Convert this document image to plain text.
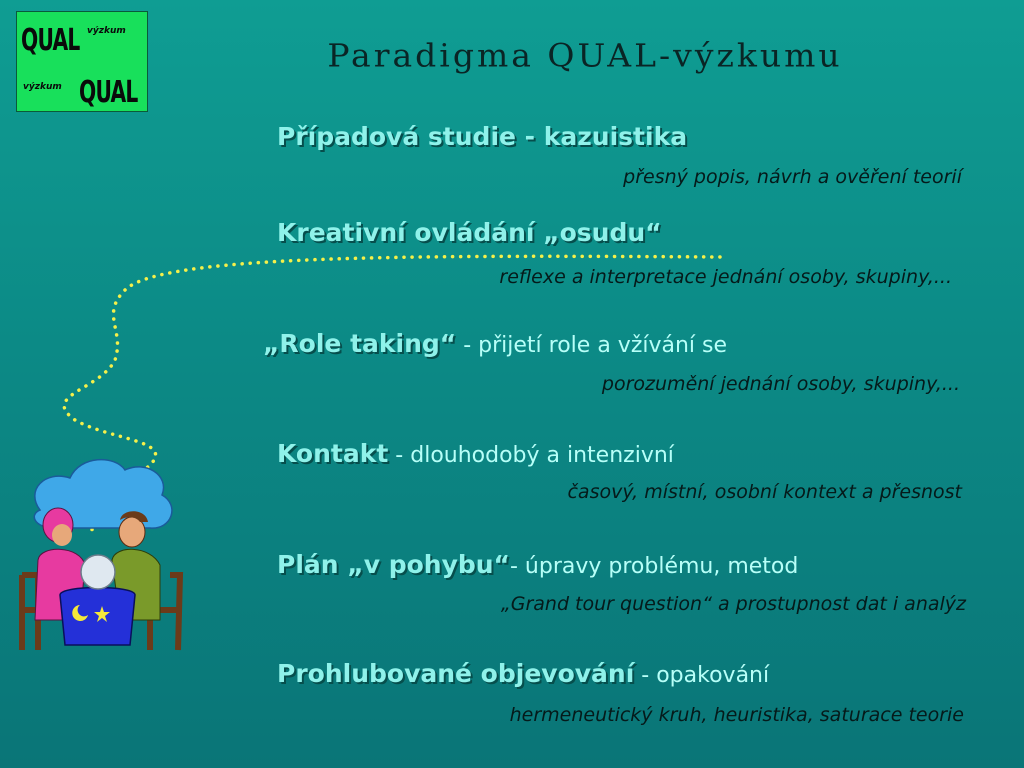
QUAL výzkum
výzkum QUAL
Paradigma QUAL-výzkumu
Případová studie - kazuistika
přesný popis, návrh a ověření teorií
Kreativní ovládání „osudu“
reflexe a interpretace jednání osoby, skupiny,...
„Role taking“ - přijetí role a vžívání se
porozumění jednání osoby, skupiny,...
Kontakt - dlouhodobý a intenzivní
časový, místní, osobní kontext a přesnost
Plán „v pohybu“- úpravy problému, metod
„Grand tour question“ a prostupnost dat i analýz
Prohlubované objevování - opakování
hermeneutický kruh, heuristika, saturace teorie
